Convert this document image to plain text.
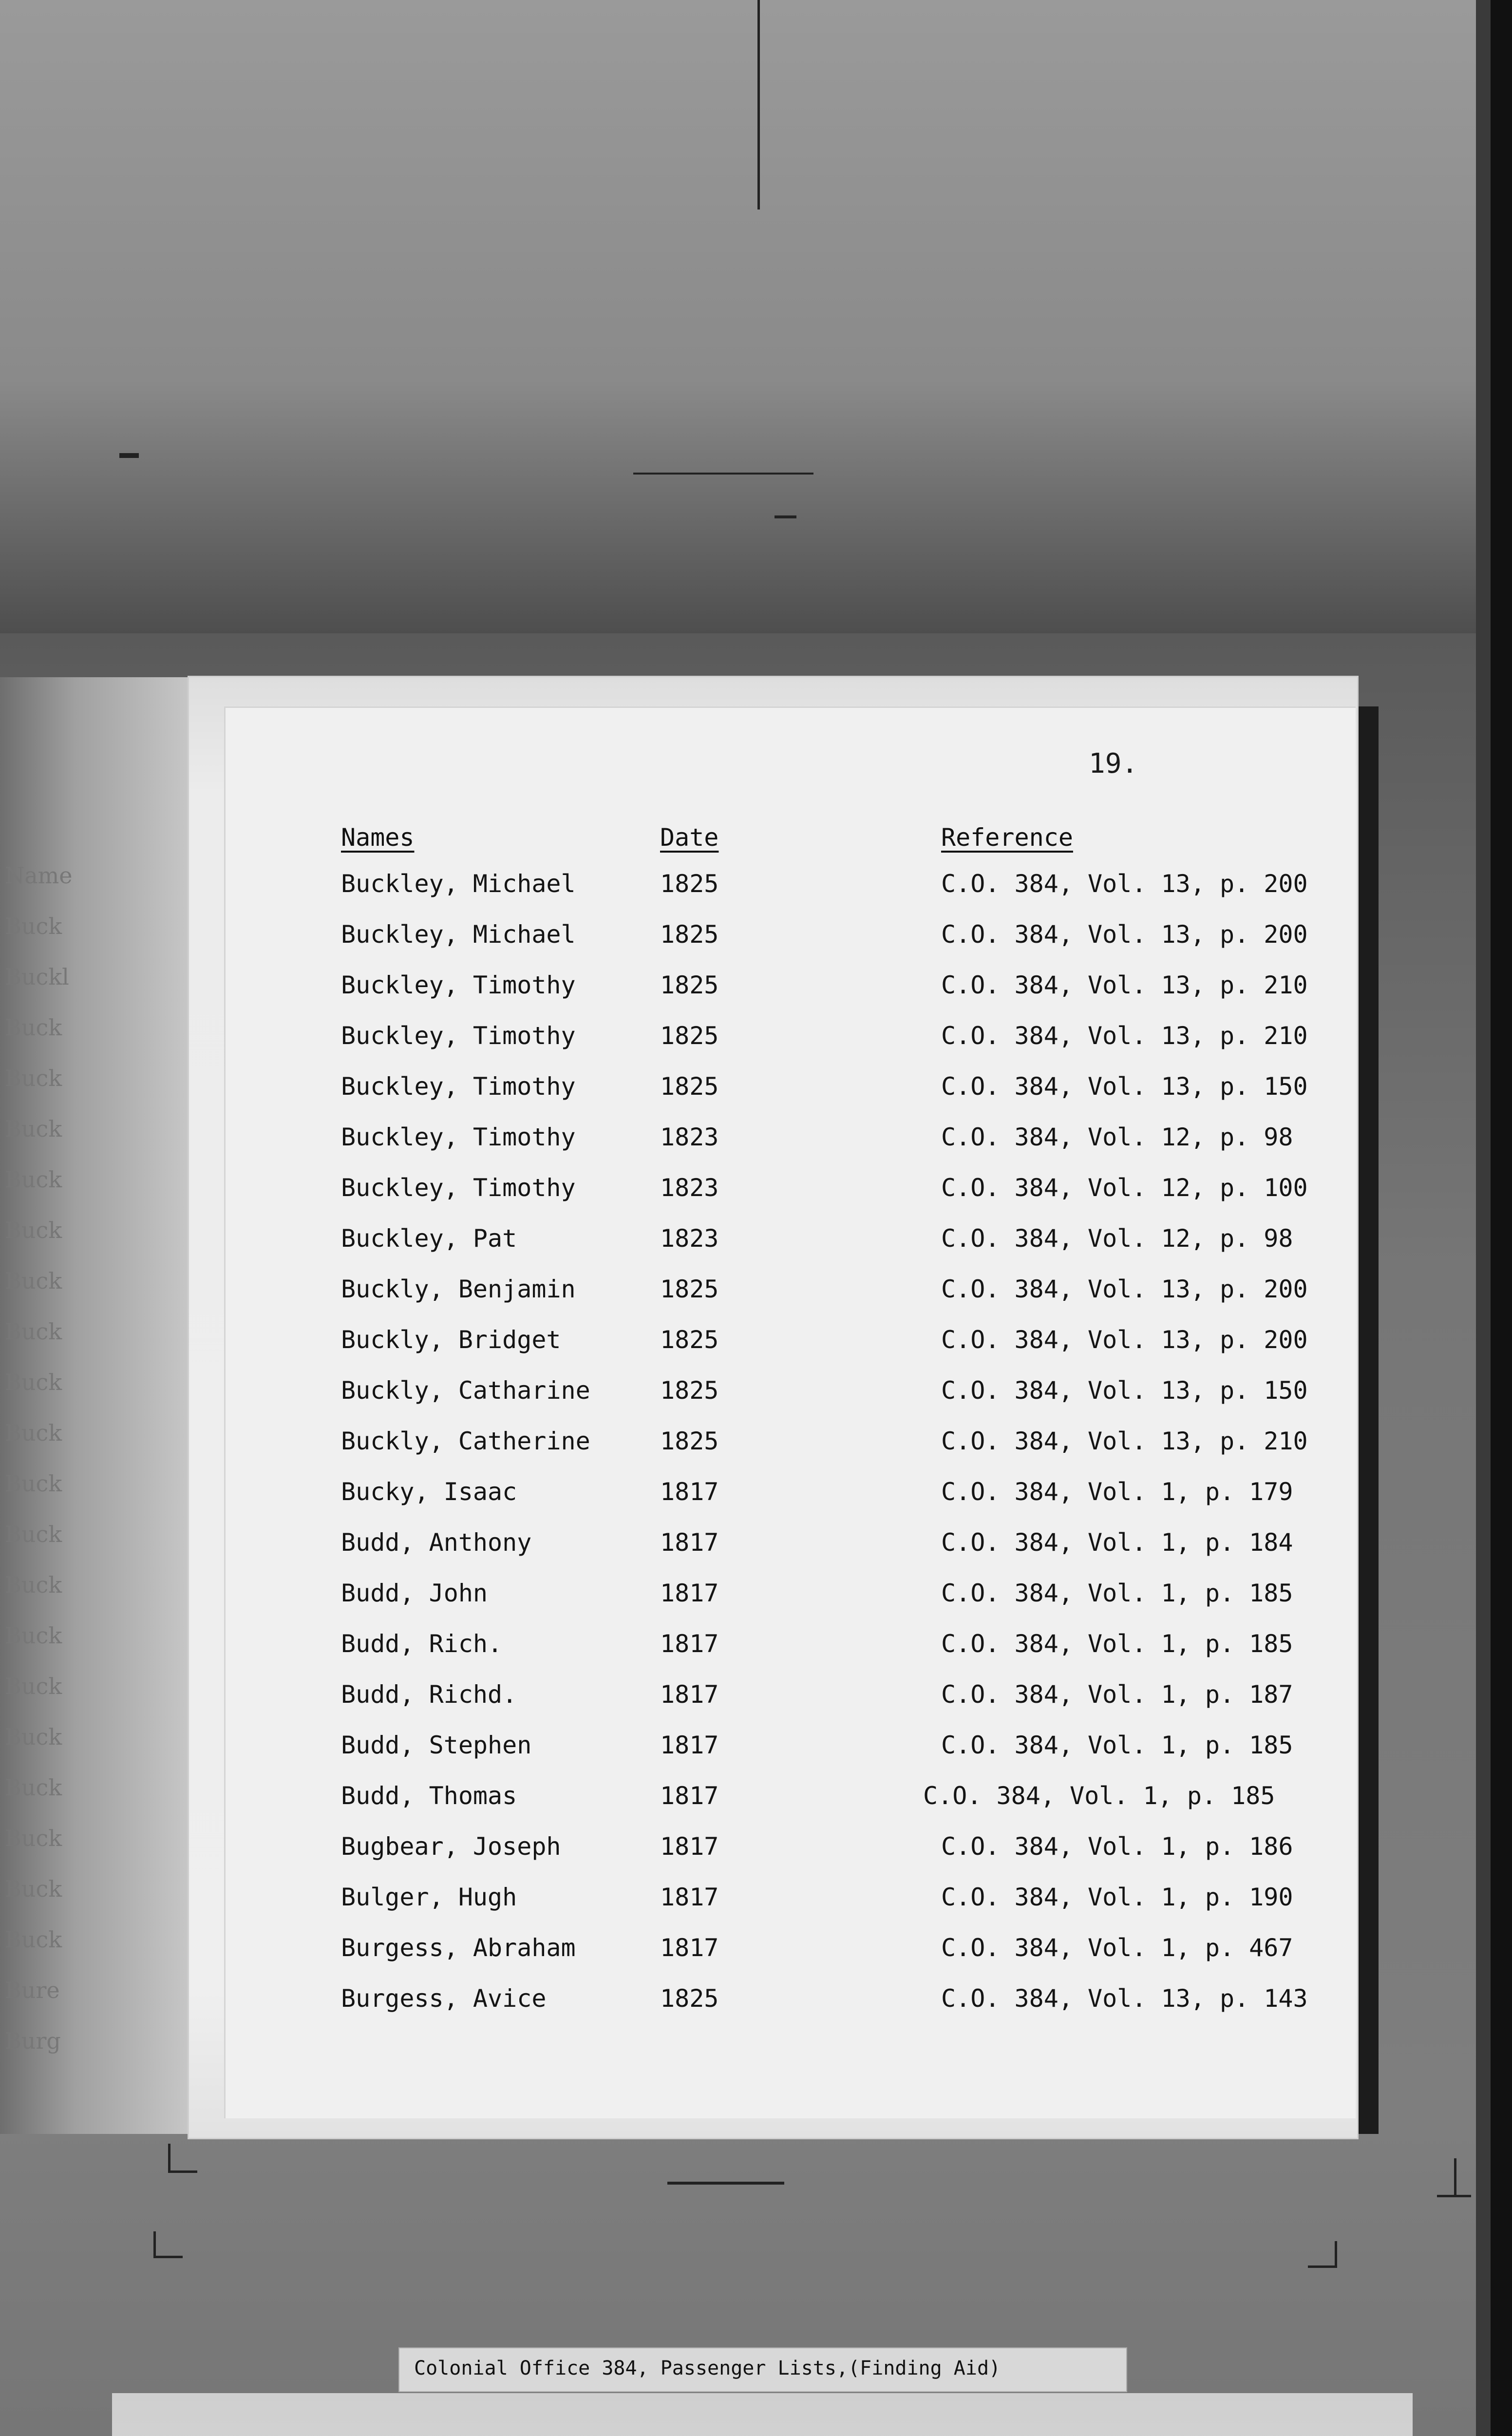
Name
Buck
Buckl
Buck
Buck
Buck
Buck
Buck
Buck
Buck
Buck
Buck
Buck
Buck
Buck
Buck
Buck
Buck
Buck
Buck
Buck
Buck
Bure
Burg
19.
Names	Date	Reference
Buckley, Michael	1825	C.O. 384, Vol. 13, p. 200
Buckley, Michael	1825	C.O. 384, Vol. 13, p. 200
Buckley, Timothy	1825	C.O. 384, Vol. 13, p. 210
Buckley, Timothy	1825	C.O. 384, Vol. 13, p. 210
Buckley, Timothy	1825	C.O. 384, Vol. 13, p. 150
Buckley, Timothy	1823	C.O. 384, Vol. 12, p. 98
Buckley, Timothy	1823	C.O. 384, Vol. 12, p. 100
Buckley, Pat	1823	C.O. 384, Vol. 12, p. 98
Buckly, Benjamin	1825	C.O. 384, Vol. 13, p. 200
Buckly, Bridget	1825	C.O. 384, Vol. 13, p. 200
Buckly, Catharine	1825	C.O. 384, Vol. 13, p. 150
Buckly, Catherine	1825	C.O. 384, Vol. 13, p. 210
Bucky, Isaac	1817	C.O. 384, Vol. 1, p. 179
Budd, Anthony	1817	C.O. 384, Vol. 1, p. 184
Budd, John	1817	C.O. 384, Vol. 1, p. 185
Budd, Rich.	1817	C.O. 384, Vol. 1, p. 185
Budd, Richd.	1817	C.O. 384, Vol. 1, p. 187
Budd, Stephen	1817	C.O. 384, Vol. 1, p. 185
Budd, Thomas	1817	C.O. 384, Vol. 1, p. 185
Bugbear, Joseph	1817	C.O. 384, Vol. 1, p. 186
Bulger, Hugh	1817	C.O. 384, Vol. 1, p. 190
Burgess, Abraham	1817	C.O. 384, Vol. 1, p. 467
Burgess, Avice	1825	C.O. 384, Vol. 13, p. 143
Colonial Office 384, Passenger Lists,(Finding Aid)
